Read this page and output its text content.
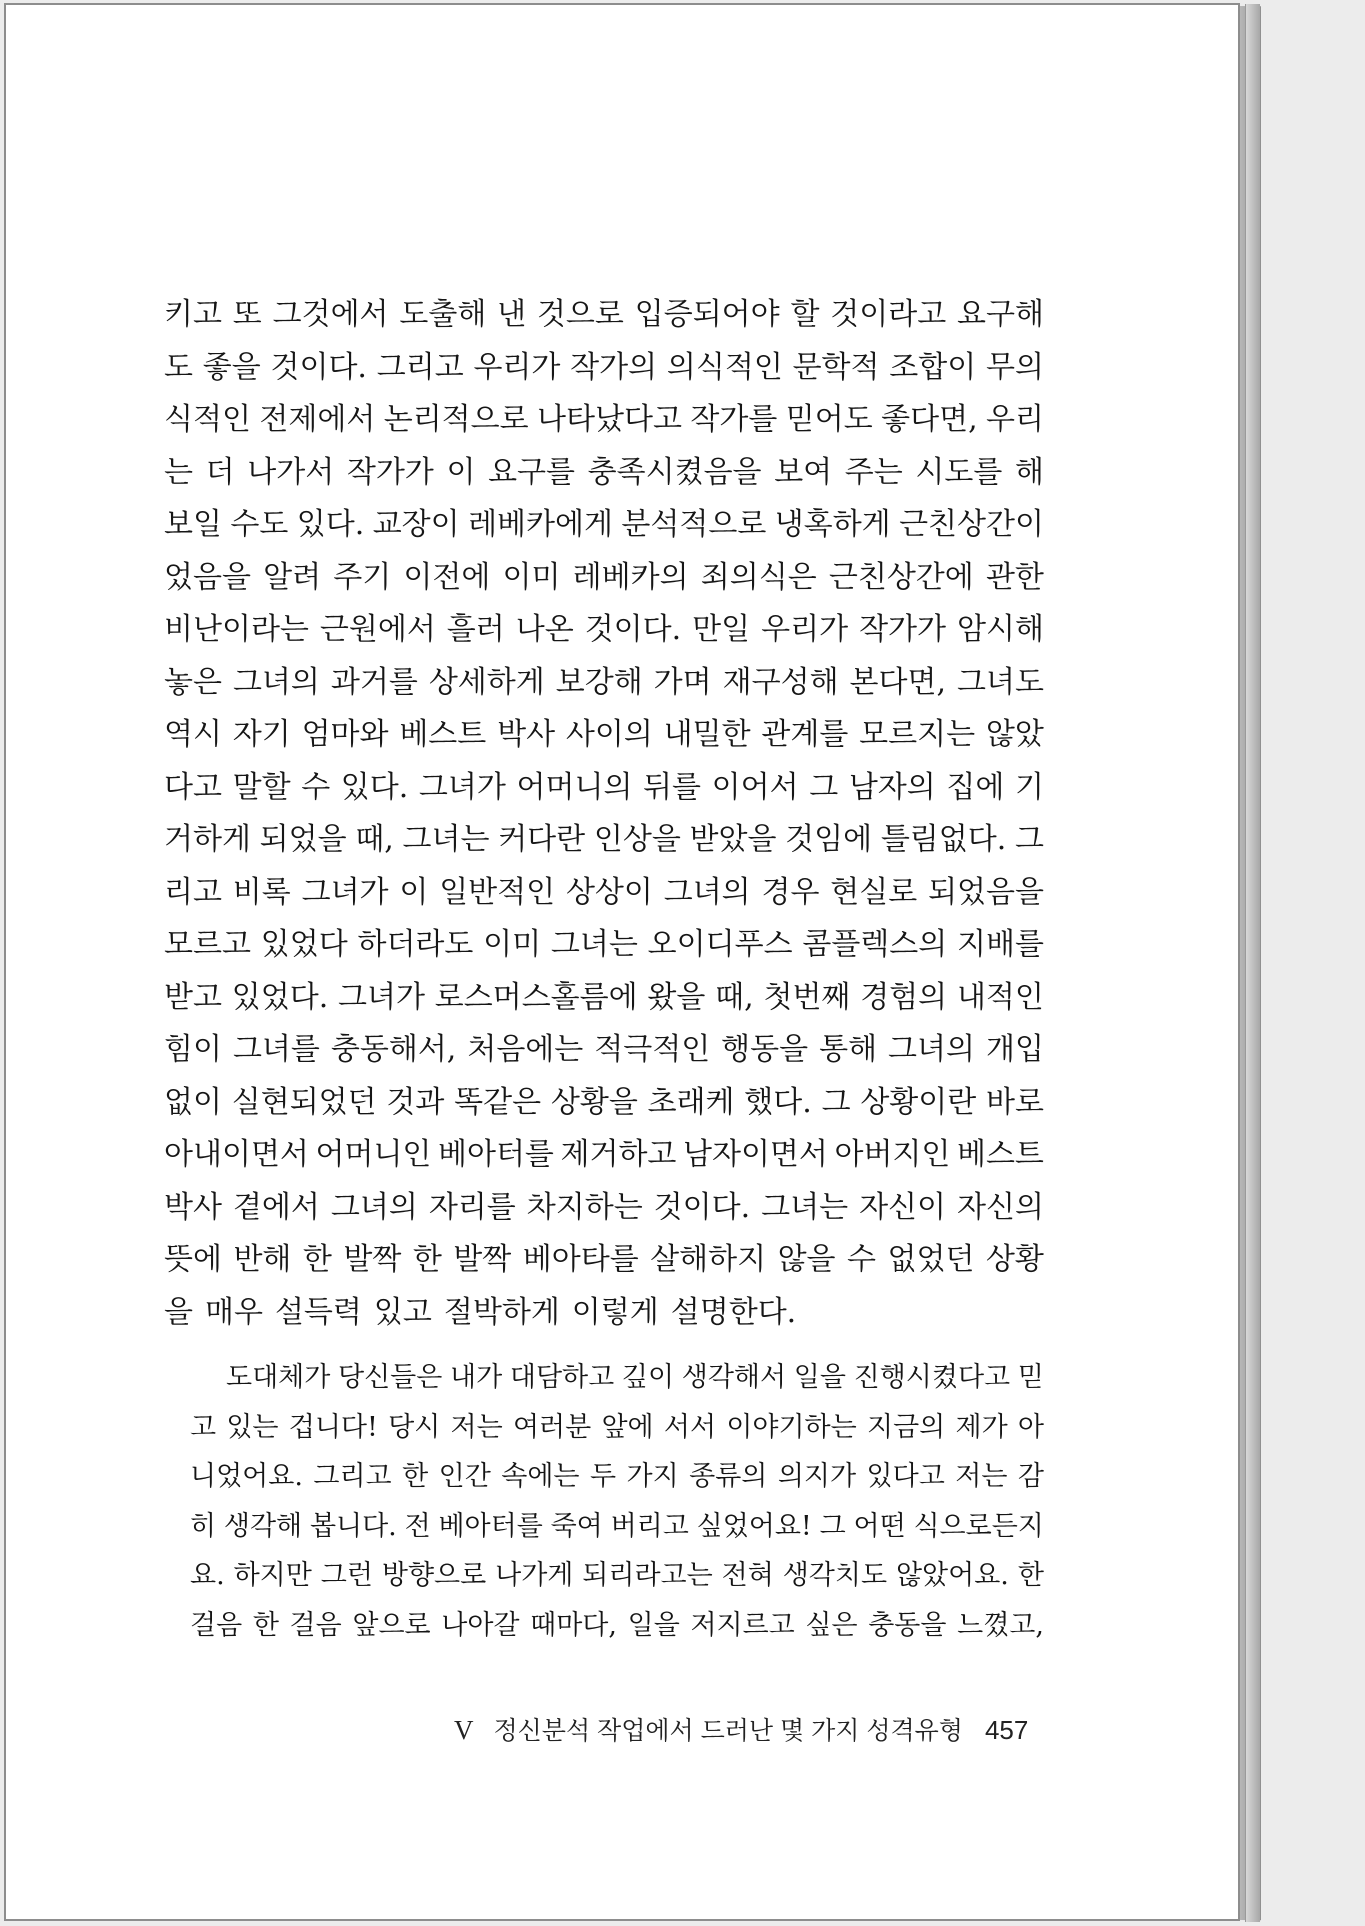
키고 또 그것에서 도출해 낸 것으로 입증되어야 할 것이라고 요구해
도 좋을 것이다. 그리고 우리가 작가의 의식적인 문학적 조합이 무의
식적인 전제에서 논리적으로 나타났다고 작가를 믿어도 좋다면, 우리
는 더 나가서 작가가 이 요구를 충족시켰음을 보여 주는 시도를 해
보일 수도 있다. 교장이 레베카에게 분석적으로 냉혹하게 근친상간이
었음을 알려 주기 이전에 이미 레베카의 죄의식은 근친상간에 관한
비난이라는 근원에서 흘러 나온 것이다. 만일 우리가 작가가 암시해
놓은 그녀의 과거를 상세하게 보강해 가며 재구성해 본다면, 그녀도
역시 자기 엄마와 베스트 박사 사이의 내밀한 관계를 모르지는 않았
다고 말할 수 있다. 그녀가 어머니의 뒤를 이어서 그 남자의 집에 기
거하게 되었을 때, 그녀는 커다란 인상을 받았을 것임에 틀림없다. 그
리고 비록 그녀가 이 일반적인 상상이 그녀의 경우 현실로 되었음을
모르고 있었다 하더라도 이미 그녀는 오이디푸스 콤플렉스의 지배를
받고 있었다. 그녀가 로스머스홀름에 왔을 때, 첫번째 경험의 내적인
힘이 그녀를 충동해서, 처음에는 적극적인 행동을 통해 그녀의 개입
없이 실현되었던 것과 똑같은 상황을 초래케 했다. 그 상황이란 바로
아내이면서 어머니인 베아터를 제거하고 남자이면서 아버지인 베스트
박사 곁에서 그녀의 자리를 차지하는 것이다. 그녀는 자신이 자신의
뜻에 반해 한 발짝 한 발짝 베아타를 살해하지 않을 수 없었던 상황
을 매우 설득력 있고 절박하게 이렇게 설명한다.
도대체가 당신들은 내가 대담하고 깊이 생각해서 일을 진행시켰다고 믿
고 있는 겁니다! 당시 저는 여러분 앞에 서서 이야기하는 지금의 제가 아
니었어요. 그리고 한 인간 속에는 두 가지 종류의 의지가 있다고 저는 감
히 생각해 봅니다. 전 베아터를 죽여 버리고 싶었어요! 그 어떤 식으로든지
요. 하지만 그런 방향으로 나가게 되리라고는 전혀 생각치도 않았어요. 한
걸음 한 걸음 앞으로 나아갈 때마다, 일을 저지르고 싶은 충동을 느꼈고,
V 정신분석 작업에서 드러난 몇 가지 성격유형 457
